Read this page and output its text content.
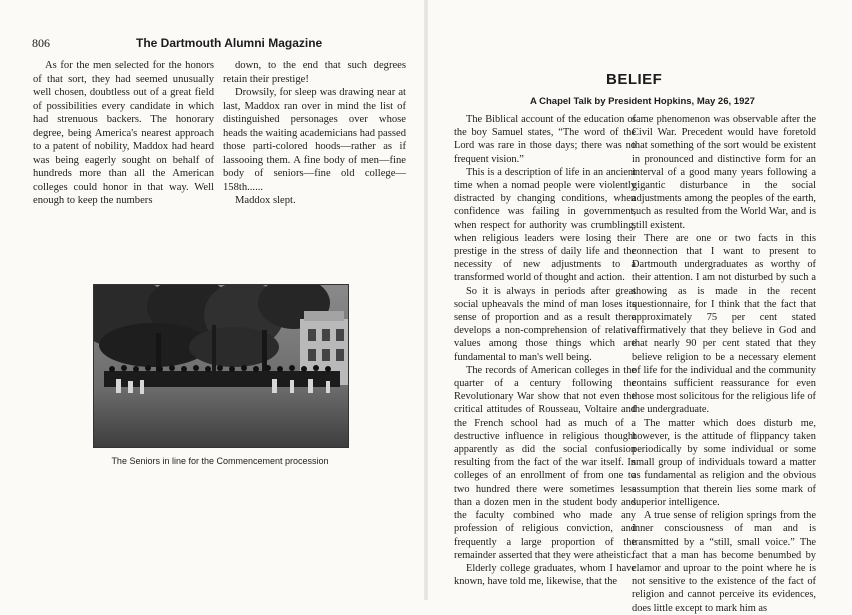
806	The Dartmouth Alumni Magazine

As for the men selected for the honors of that sort, they had seemed unusually well chosen, doubtless out of a great field of possibilities every candidate in which had strenuous backers. The honorary degree, being America's nearest approach to a patent of nobility, Maddox had heard was being eagerly sought on behalf of hundreds more than all the American colleges could honor in that way. Well enough to keep the numbers

down, to the end that such degrees retain their prestige!

Drowsily, for sleep was drawing near at last, Maddox ran over in mind the list of distinguished personages over whose heads the waiting academicians had passed those parti-colored hoods—rather as if lassooing them. A fine body of men—fine body of seniors—fine old college—158th......

Maddox slept.

The Seniors in line for the Commencement procession
BELIEF
A Chapel Talk by President Hopkins, May 26, 1927

The Biblical account of the education of the boy Samuel states, “The word of the Lord was rare in those days; there was no frequent vision.”

This is a description of life in an ancient time when a nomad people were violently distracted by changing conditions, when confidence was failing in government, when respect for authority was crumbling, when religious leaders were losing their prestige in the stress of daily life and the necessity of new adjustments to a transformed world of thought and action.

So it is always in periods after great social upheavals the mind of man loses its sense of proportion and as a result there develops a non-comprehension of relative values among those things which are fundamental to man's well being.

The records of American colleges in the quarter of a century following the Revolutionary War show that not even the critical attitudes of Rousseau, Voltaire and the French school had as much of a destructive influence in religious thought apparently as did the social confusion resulting from the fact of the war itself. In colleges of an enrollment of from one to two hundred there were sometimes less than a dozen men in the student body and the faculty combined who made any profession of religious conviction, and frequently a large proportion of the remainder asserted that they were atheistic.

Elderly college graduates, whom I have known, have told me, likewise, that the

same phenomenon was observable after the Civil War. Precedent would have foretold that something of the sort would be existent in pronounced and distinctive form for an interval of a good many years following a gigantic disturbance in the social adjustments among the peoples of the earth, such as resulted from the World War, and is still existent.

There are one or two facts in this connection that I want to present to Dartmouth undergraduates as worthy of their attention. I am not disturbed by such a showing as is made in the recent questionnaire, for I think that the fact that approximately 75 per cent stated affirmatively that they believe in God and that nearly 90 per cent stated that they believe religion to be a necessary element of life for the individual and the community contains sufficient reassurance for even those most solicitous for the religious life of the undergraduate.

The matter which does disturb me, however, is the attitude of flippancy taken periodically by some individual or some small group of individuals toward a matter as fundamental as religion and the obvious assumption that therein lies some mark of superior intelligence.

A true sense of religion springs from the inner consciousness of man and is transmitted by a “still, small voice.” The fact that a man has become benumbed by clamor and uproar to the point where he is not sensitive to the existence of the fact of religion and cannot perceive its evidences, does little except to mark him as
